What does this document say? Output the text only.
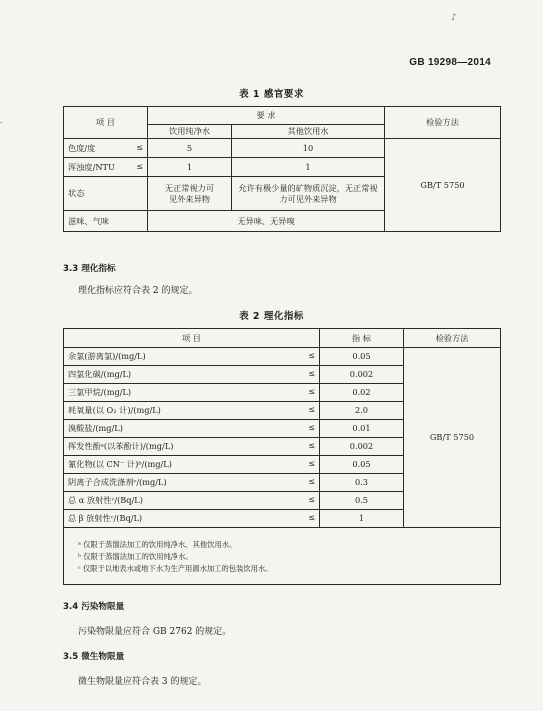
♪
-
GB 19298—2014
表 1 感官要求
项 目	要 求		检验方法
	饮用纯净水	其他饮用水	
色度/度 ≤	5	10	GB/T 5750
浑浊度/NTU ≤	1	1	
状态	无正常视力可见外来异物	允许有极少量的矿物质沉淀，无正常视力可见外来异物	
滋味、气味	无异味、无异嗅		
3.3 理化指标
理化指标应符合表 2 的规定。
表 2 理化指标
项 目	指 标	检验方法
余氯(游离氯)/(mg/L) ≤	0.05	GB/T 5750
四氯化碳/(mg/L) ≤	0.002	
三氯甲烷/(mg/L) ≤	0.02	
耗氧量(以 O₂ 计)/(mg/L) ≤	2.0	
溴酸盐/(mg/L) ≤	0.01	
挥发性酚ᵃ(以苯酚计)/(mg/L) ≤	0.002	
氰化物(以 CN⁻ 计)ᵇ/(mg/L) ≤	0.05	
阴离子合成洗涤剂ᶜ/(mg/L) ≤	0.3	
总 α 放射性ᶜ/(Bq/L) ≤	0.5	
总 β 放射性ᶜ/(Bq/L) ≤	1	

ᵃ 仅限于蒸馏法加工的饮用纯净水、其他饮用水。
ᵇ 仅限于蒸馏法加工的饮用纯净水。
ᶜ 仅限于以地表水或地下水为生产用源水加工的包装饮用水。		
3.4 污染物限量
污染物限量应符合 GB 2762 的规定。
3.5 微生物限量
微生物限量应符合表 3 的规定。
